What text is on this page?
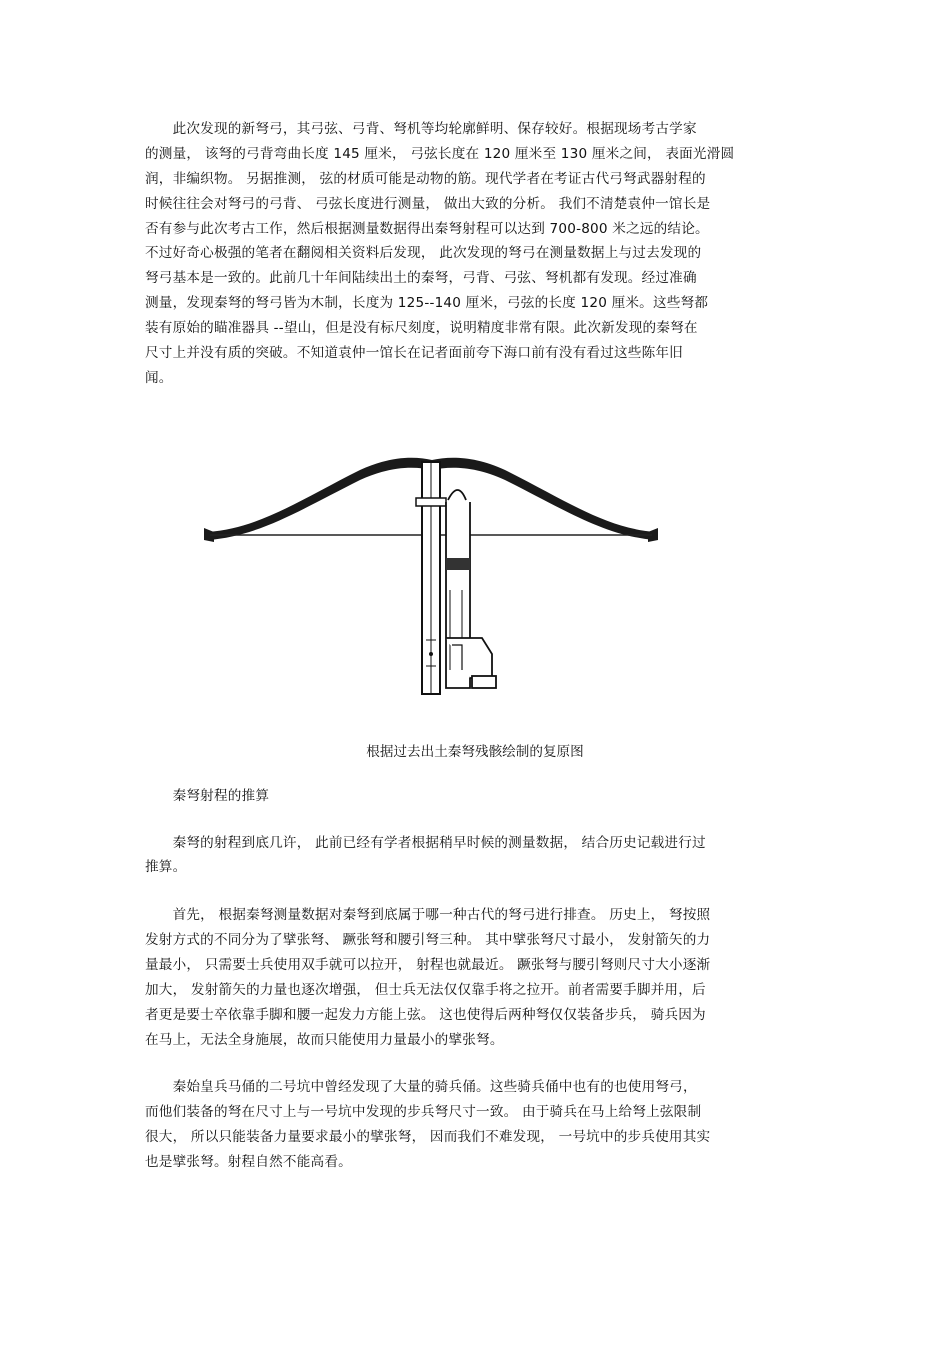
　　此次发现的新弩弓，其弓弦、弓背、弩机等均轮廓鲜明、保存较好。根据现场考古学家
的测量， 该弩的弓背弯曲长度 145 厘米， 弓弦长度在 120 厘米至 130 厘米之间， 表面光滑圆
润，非编织物。 另据推测， 弦的材质可能是动物的筋。现代学者在考证古代弓弩武器射程的
时候往往会对弩弓的弓背、 弓弦长度进行测量， 做出大致的分析。 我们不清楚袁仲一馆长是
否有参与此次考古工作，然后根据测量数据得出秦弩射程可以达到 700-800 米之远的结论。
不过好奇心极强的笔者在翻阅相关资料后发现， 此次发现的弩弓在测量数据上与过去发现的
弩弓基本是一致的。此前几十年间陆续出土的秦弩，弓背、弓弦、弩机都有发现。经过准确
测量，发现秦弩的弩弓皆为木制，长度为 125--140 厘米，弓弦的长度 120 厘米。这些弩都
装有原始的瞄准器具 --望山，但是没有标尺刻度，说明精度非常有限。此次新发现的秦弩在
尺寸上并没有质的突破。不知道袁仲一馆长在记者面前夸下海口前有没有看过这些陈年旧
闻。
根据过去出土秦弩残骸绘制的复原图
　　秦弩射程的推算
　　秦弩的射程到底几许， 此前已经有学者根据稍早时候的测量数据， 结合历史记载进行过
推算。
　　首先， 根据秦弩测量数据对秦弩到底属于哪一种古代的弩弓进行排查。 历史上， 弩按照
发射方式的不同分为了擘张弩、 蹶张弩和腰引弩三种。 其中擘张弩尺寸最小， 发射箭矢的力
量最小， 只需要士兵使用双手就可以拉开， 射程也就最近。 蹶张弩与腰引弩则尺寸大小逐渐
加大， 发射箭矢的力量也逐次增强， 但士兵无法仅仅靠手将之拉开。前者需要手脚并用，后
者更是要士卒依靠手脚和腰一起发力方能上弦。 这也使得后两种弩仅仅装备步兵， 骑兵因为
在马上，无法全身施展，故而只能使用力量最小的擘张弩。
　　秦始皇兵马俑的二号坑中曾经发现了大量的骑兵俑。这些骑兵俑中也有的也使用弩弓，
而他们装备的弩在尺寸上与一号坑中发现的步兵弩尺寸一致。 由于骑兵在马上给弩上弦限制
很大， 所以只能装备力量要求最小的擘张弩， 因而我们不难发现， 一号坑中的步兵使用其实
也是擘张弩。射程自然不能高看。
